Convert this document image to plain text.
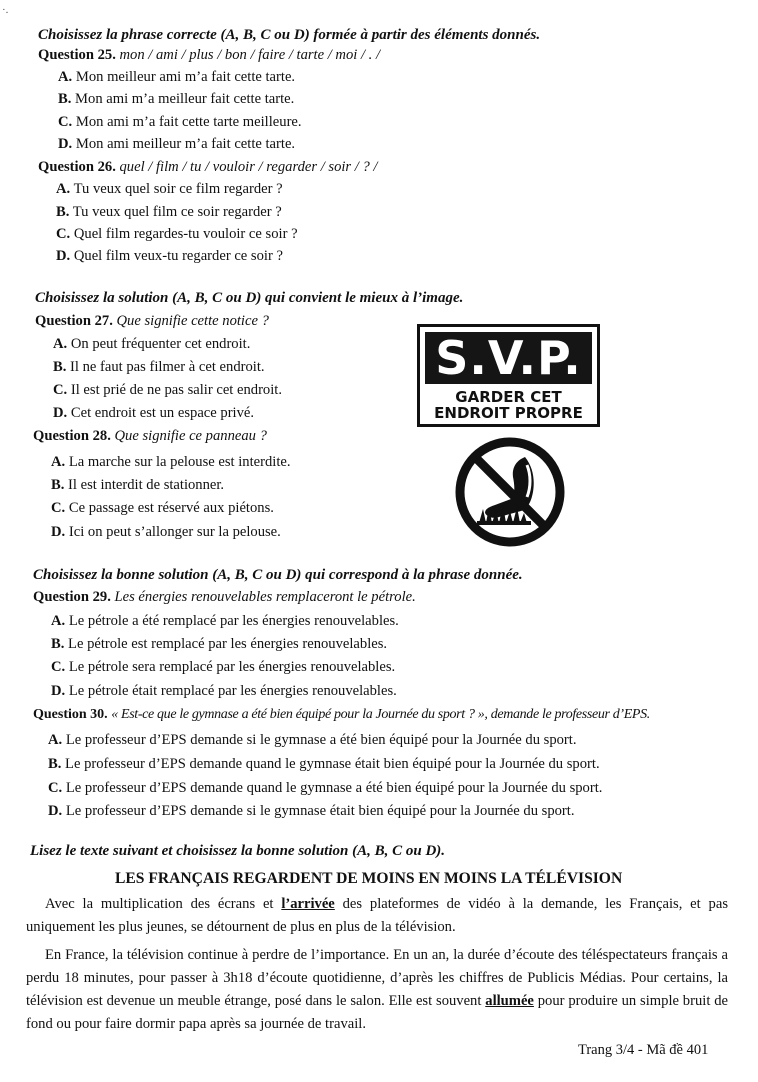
·.
Choisissez la phrase correcte (A, B, C ou D) formée à partir des éléments donnés.
Question 25. mon / ami / plus / bon / faire / tarte / moi / . /
A. Mon meilleur ami m’a fait cette tarte.
B. Mon ami m’a meilleur fait cette tarte.
C. Mon ami m’a fait cette tarte meilleure.
D. Mon ami meilleur m’a fait cette tarte.
Question 26. quel / film / tu / vouloir / regarder / soir / ? /
A. Tu veux quel soir ce film regarder ?
B. Tu veux quel film ce soir regarder ?
C. Quel film regardes-tu vouloir ce soir ?
D. Quel film veux-tu regarder ce soir ?
Choisissez la solution (A, B, C ou D) qui convient le mieux à l’image.
Question 27. Que signifie cette notice ?
A. On peut fréquenter cet endroit.
B. Il ne faut pas filmer à cet endroit.
C. Il est prié de ne pas salir cet endroit.
D. Cet endroit est un espace privé.
S.V.P.
GARDER CET
ENDROIT PROPRE
Question 28. Que signifie ce panneau ?
A. La marche sur la pelouse est interdite.
B. Il est interdit de stationner.
C. Ce passage est réservé aux piétons.
D. Ici on peut s’allonger sur la pelouse.
Choisissez la bonne solution (A, B, C ou D) qui correspond à la phrase donnée.
Question 29. Les énergies renouvelables remplaceront le pétrole.
A. Le pétrole a été remplacé par les énergies renouvelables.
B. Le pétrole est remplacé par les énergies renouvelables.
C. Le pétrole sera remplacé par les énergies renouvelables.
D. Le pétrole était remplacé par les énergies renouvelables.
Question 30. « Est-ce que le gymnase a été bien équipé pour la Journée du sport ? », demande le professeur d’EPS.
A. Le professeur d’EPS demande si le gymnase a été bien équipé pour la Journée du sport.
B. Le professeur d’EPS demande quand le gymnase était bien équipé pour la Journée du sport.
C. Le professeur d’EPS demande quand le gymnase a été bien équipé pour la Journée du sport.
D. Le professeur d’EPS demande si le gymnase était bien équipé pour la Journée du sport.
Lisez le texte suivant et choisissez la bonne solution (A, B, C ou D).
LES FRANÇAIS REGARDENT DE MOINS EN MOINS LA TÉLÉVISION
Avec la multiplication des écrans et l’arrivée des plateformes de vidéo à la demande, les Français, et pas uniquement les plus jeunes, se détournent de plus en plus de la télévision.
En France, la télévision continue à perdre de l’importance. En un an, la durée d’écoute des téléspectateurs français a perdu 18 minutes, pour passer à 3h18 d’écoute quotidienne, d’après les chiffres de Publicis Médias. Pour certains, la télévision est devenue un meuble étrange, posé dans le salon. Elle est souvent allumée pour produire un simple bruit de fond ou pour faire dormir papa après sa journée de travail.
Trang 3/4 - Mã đề 401
